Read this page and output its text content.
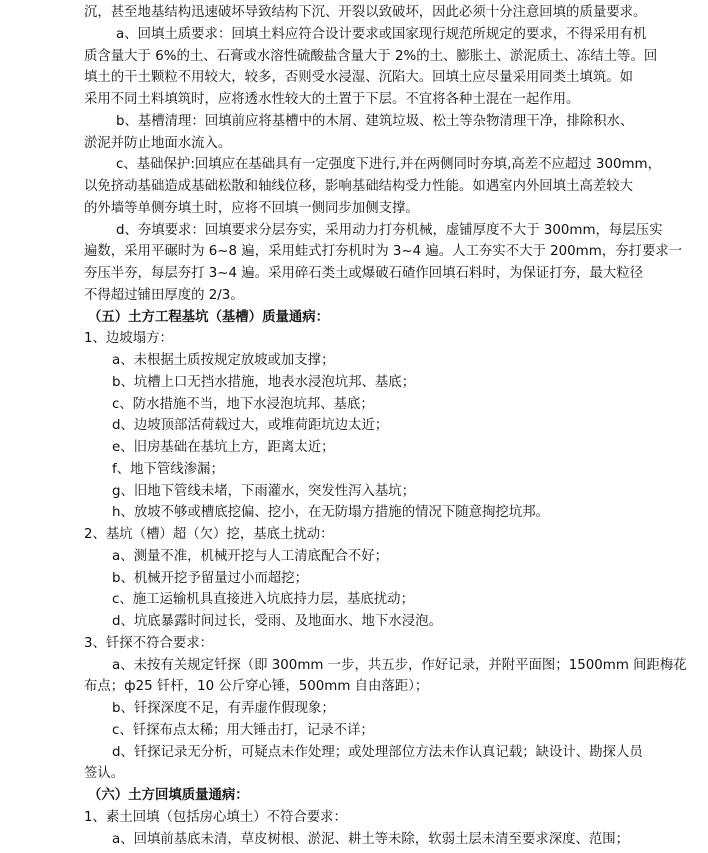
沉，甚至地基结构迅速破坏导致结构下沉、开裂以致破坏，因此必须十分注意回填的质量要求。
a、回填土质要求：回填土料应符合设计要求或国家现行规范所规定的要求，不得采用有机
质含量大于 6%的土、石膏或水溶性硫酸盐含量大于 2%的土、膨胀土、淤泥质土、冻结土等。回
填土的干土颗粒不用较大，较多，否则受水浸湿、沉陷大。回填土应尽量采用同类土填筑。如
采用不同土料填筑时，应将透水性较大的土置于下层。不宜将各种土混在一起作用。
b、基槽清理：回填前应将基槽中的木屑、建筑垃圾、松土等杂物清理干净，排除积水、
淤泥并防止地面水流入。
c、基础保护:回填应在基础具有一定强度下进行,并在两侧同时夯填,高差不应超过 300mm，
以免挤动基础造成基础松散和轴线位移，影响基础结构受力性能。如遇室内外回填土高差较大
的外墙等单侧夯填土时，应将不回填一侧同步加侧支撑。
d、夯填要求：回填要求分层夯实，采用动力打夯机械，虚铺厚度不大于 300mm，每层压实
遍数，采用平碾时为 6~8 遍，采用蛙式打夯机时为 3~4 遍。人工夯实不大于 200mm，夯打要求一
夯压半夯，每层夯打 3~4 遍。采用碎石类土或爆破石碴作回填石料时，为保证打夯，最大粒径
不得超过铺田厚度的 2/3。
（五）土方工程基坑（基槽）质量通病：
1、边坡塌方：
a、未根据土质按规定放坡或加支撑；
b、坑槽上口无挡水措施，地表水浸泡坑邦、基底；
c、防水措施不当，地下水浸泡坑邦、基底；
d、边坡顶部活荷载过大，或堆荷距坑边太近；
e、旧房基础在基坑上方，距离太近；
f、地下管线渗漏；
g、旧地下管线未堵，下雨灌水，突发性泻入基坑；
h、放坡不够或槽底挖偏、挖小，在无防塌方措施的情况下随意掏挖坑邦。
2、基坑（槽）超（欠）挖，基底土扰动：
a、测量不准，机械开挖与人工清底配合不好；
b、机械开挖予留量过小而超挖；
c、施工运输机具直接进入坑底持力层，基底扰动；
d、坑底暴露时间过长，受雨、及地面水、地下水浸泡。
3、钎探不符合要求：
a、未按有关规定钎探（即 300mm 一步，共五步，作好记录，并附平面图；1500mm 间距梅花
布点；ф25 钎杆，10 公斤穿心锤，500mm 自由落距）；
b、钎探深度不足，有弄虚作假现象；
c、钎探布点太稀；用大锤击打，记录不详；
d、钎探记录无分析，可疑点未作处理；或处理部位方法未作认真记载；缺设计、勘探人员
签认。
（六）土方回填质量通病：
1、素土回填（包括房心填土）不符合要求：
a、回填前基底未清，草皮树根、淤泥、耕土等未除，软弱土层未清至要求深度、范围；
